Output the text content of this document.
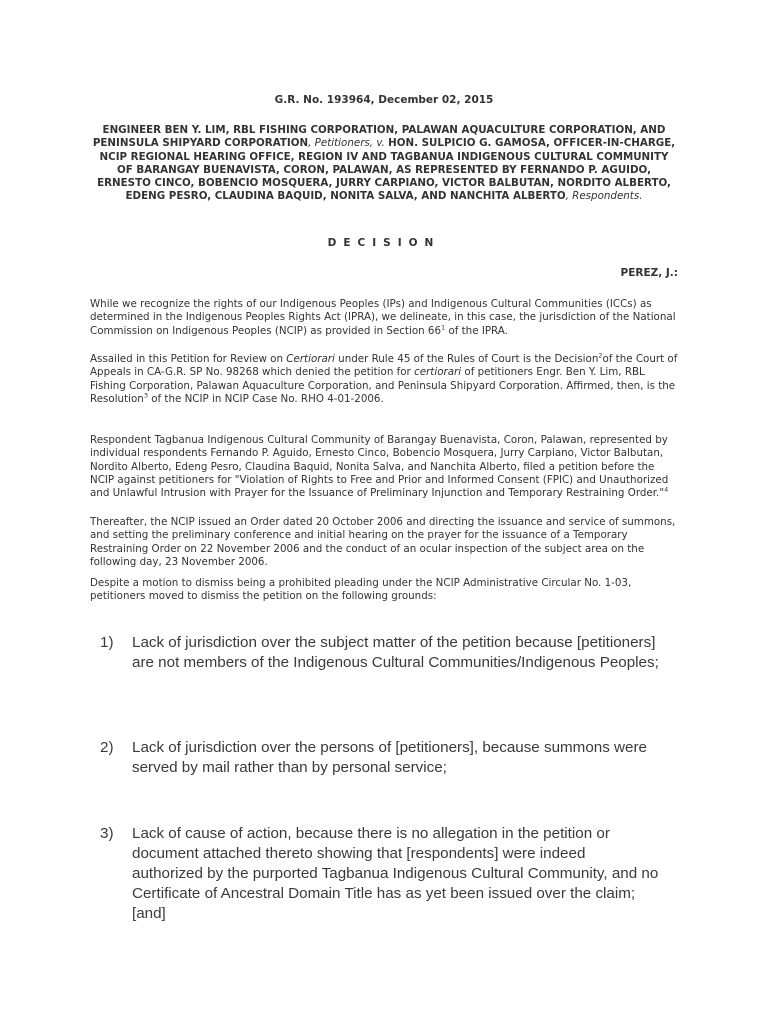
G.R. No. 193964, December 02, 2015
ENGINEER BEN Y. LIM, RBL FISHING CORPORATION, PALAWAN AQUACULTURE CORPORATION, AND PENINSULA SHIPYARD CORPORATION, Petitioners, v. HON. SULPICIO G. GAMOSA, OFFICER-IN-CHARGE, NCIP REGIONAL HEARING OFFICE, REGION IV AND TAGBANUA INDIGENOUS CULTURAL COMMUNITY OF BARANGAY BUENAVISTA, CORON, PALAWAN, AS REPRESENTED BY FERNANDO P. AGUIDO, ERNESTO CINCO, BOBENCIO MOSQUERA, JURRY CARPIANO, VICTOR BALBUTAN, NORDITO ALBERTO, EDENG PESRO, CLAUDINA BAQUID, NONITA SALVA, AND NANCHITA ALBERTO, Respondents.
DECISION
PEREZ, J.:
While we recognize the rights of our Indigenous Peoples (IPs) and Indigenous Cultural Communities (ICCs) as determined in the Indigenous Peoples Rights Act (IPRA), we delineate, in this case, the jurisdiction of the National Commission on Indigenous Peoples (NCIP) as provided in Section $66^1$ of the IPRA.
Assailed in this Petition for Review on Certiorari under Rule 45 of the Rules of Court is the Decision$^2$of the Court of Appeals in CA-G.R. SP No. 98268 which denied the petition for certiorari of petitioners Engr. Ben Y. Lim, RBL Fishing Corporation, Palawan Aquaculture Corporation, and Peninsula Shipyard Corporation. Affirmed, then, is the Resolution$^3$ of the NCIP in NCIP Case No. RHO 4-01-2006.
Respondent Tagbanua Indigenous Cultural Community of Barangay Buenavista, Coron, Palawan, represented by individual respondents Fernando P. Aguido, Ernesto Cinco, Bobencio Mosquera, Jurry Carpiano, Victor Balbutan, Nordito Alberto, Edeng Pesro, Claudina Baquid, Nonita Salva, and Nanchita Alberto, filed a petition before the NCIP against petitioners for "Violation of Rights to Free and Prior and Informed Consent (FPIC) and Unauthorized and Unlawful Intrusion with Prayer for the Issuance of Preliminary Injunction and Temporary Restraining Order."$^4$
Thereafter, the NCIP issued an Order dated 20 October 2006 and directing the issuance and service of summons, and setting the preliminary conference and initial hearing on the prayer for the issuance of a Temporary Restraining Order on 22 November 2006 and the conduct of an ocular inspection of the subject area on the following day, 23 November 2006.
Despite a motion to dismiss being a prohibited pleading under the NCIP Administrative Circular No. 1-03, petitioners moved to dismiss the petition on the following grounds:
1) Lack of jurisdiction over the subject matter of the petition because [petitioners] are not members of the Indigenous Cultural Communities/Indigenous Peoples;
2) Lack of jurisdiction over the persons of [petitioners], because summons were served by mail rather than by personal service;
3) Lack of cause of action, because there is no allegation in the petition or document attached thereto showing that [respondents] were indeed authorized by the purported Tagbanua Indigenous Cultural Community, and no Certificate of Ancestral Domain Title has as yet been issued over the claim; [and]
